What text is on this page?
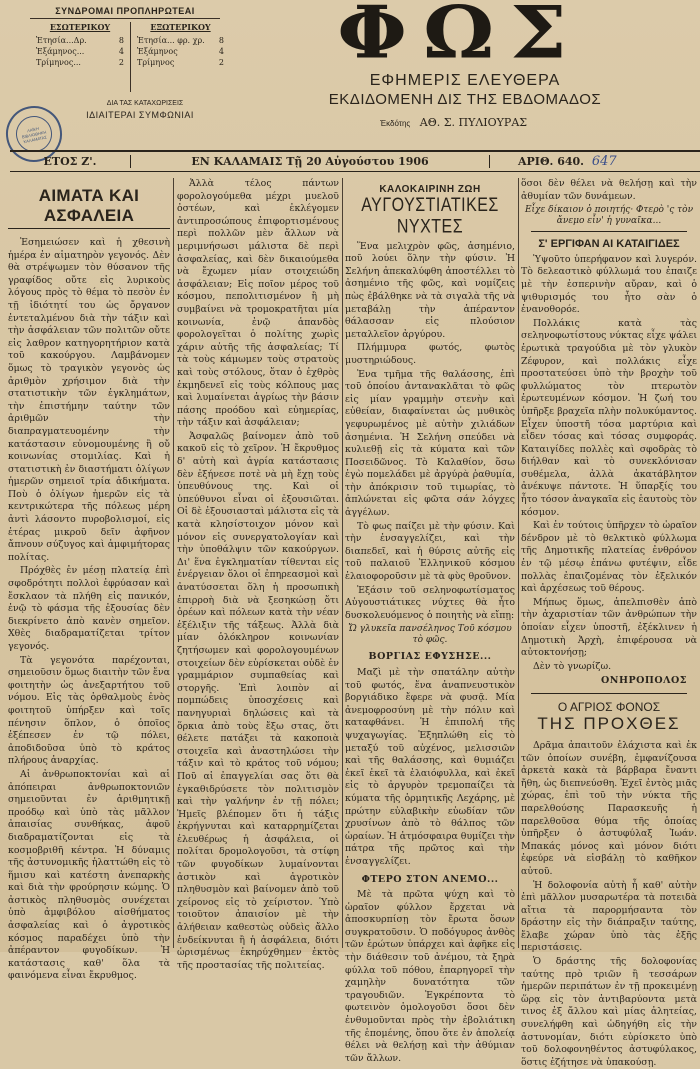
ΣΥΝΔΡΟΜΑΙ ΠΡΟΠΛΗΡΩΤΕΑΙ
ΕΣΩΤΕΡΙΚΟΥ
Ἐτησία...Δρ.	8
Ἑξάμηνος...	4
Τρίμηνος...	2
ΕΞΩΤΕΡΙΚΟΥ
Ἐτησία... φρ. χρ. 8
Ἑξάμηνος	4
Τρίμηνος	2
ΔΙΑ ΤΑΣ ΚΑΤΑΧΩΡΙΣΕΙΣ
ΙΔΙΑΙΤΕΡΑΙ ΣΥΜΦΩΝΙΑΙ
ΦΩΣ
ΕΦΗΜΕΡΙΣ ΕΛΕΥΘΕΡΑ
ΕΚΔΙΔΟΜΕΝΗ ΔΙΣ ΤΗΣ ΕΒΔΟΜΑΔΟΣ
Ἐκδότης ΑΘ. Σ. ΠΥΛΙΟΥΡΑΣ
ΛΑΪΚΗ ΒΙΒΛΙΟΘΗΚΗ ΚΑΛΑΜΑΤΑΣ
ΕΤΟΣ Z'.	ΕΝ ΚΑΛΑΜΑΙΣ Τῇ 20 Αὐγούστου 1906	ΑΡΙΘ. 640. 647
ΑΙΜΑΤΑ ΚΑΙ ΑΣΦΑΛΕΙΑ

Ἐσημειώσεν καὶ ἡ χθεσινὴ ἡμέρα ἐν αἱματηρὸν γεγονός. Δὲν θὰ στρέψωμεν τὸν θύσανον τῆς γραφίδος οὔτε εἰς λυρικοὺς λόγους πρὸς τὸ θέμα τὸ πεσὸν ἐν τῇ ἰδιότητί του ὡς ὄργανον ἐντεταλμένου διὰ τὴν τάξιν καὶ τὴν ἀσφάλειαν τῶν πολιτῶν οὔτε εἰς λαθρον κατηγορητήριον κατὰ τοῦ κακούργου. Λαμβάνομεν ὅμως τὸ τραγικὸν γεγονὸς ὡς ἀριθμὸν χρήσιμον διὰ τὴν στατιστικὴν τῶν ἐγκλημάτων, τὴν ἐπιστήμην ταύτην τῶν ἀριθμῶν τὴν διαπραγματευομένην τὴν κατάστασιν εὐνομουμένης ἢ οὔ κοινωνίας στομιλίας. Καὶ ἡ στατιστικὴ ἐν διαστήματι ὀλίγων ἡμερῶν σημειοῖ τρία ἀδικήματα. Ποὺ ὁ ὀλίγων ἡμερῶν εἰς τὰ κεντρικώτερα τῆς πόλεως μέρη ἀντὶ λάσοντο πυροβολισμοί, εἰς ἐτέρας μικροῦ δεῖν ἀφῆνον ἄπνουν σύζυγος καὶ ἀμφιμήτορας πολίτας.

Πρόχθὲς ἐν μέσῃ πλατείᾳ ἐπὶ σφοδρότητι πολλοὶ ἐφρύασαν καὶ ἔσκλαον τὰ πλήθη εἰς πανικόν, ἐνῷ τὸ φάσμα τῆς ἐξουσίας δὲν διεκρίνετο ἀπὸ κανὲν σημεῖον. Χθὲς διαδραματίζεται τρίτον γεγονός.

Τὰ γεγονότα παρέχονται, σημειοῦσιν ὅμως διαιτὴν τῶν ἔνα φοιτητὴν ὡς ἀνεξαρτήτου τοῦ νόμου. Εἰς τὰς ὁρθαλμοὺς ἐνὸς φοιτητοῦ ὑπήρξεν καὶ τοῖς πένησιν ὅπλον, ὁ ὁποῖος ἐξέπεσεν ἐν τῷ πόλει, ἀποδιδοῦσα ὑπὸ τὸ κράτος πλήρους ἀναρχίας.

Αἱ ἀνθρωποκτονίαι καὶ αἱ ἀπόπειραι ἀνθρωποκτονιῶν σημειοῦνται ἐν ἀριθμητικῇ προόδῳ καὶ ὑπὸ τὰς μᾶλλον ἀπαισίας συνθήκας, ἀφοῦ διαδραματίζονται εἰς τὰ κοσμοβριθῆ κέντρα. Ἡ δύναμις τῆς ἀστυνομικῆς ἡλαττώθη εἰς τὸ ἥμισυ καὶ κατέστη ἀνεπαρκὴς καὶ διὰ τὴν φρούρησιν κώμης. Ὁ ἀστικὸς πληθυσμὸς συνέχεται ὑπὸ ἀμφιβόλου αἰσθήματος ἀσφαλείας καὶ ὁ ἀγροτικὸς κόσμος παραδέχει ὑπὸ τὴν ἀπέραντον φυγοδίκων. Ἡ κατάστασις καθ' ὅλα τὰ φαινόμενα εἶναι ἔκρυθμος.

Ἀλλὰ τέλος πάντων φορολογούμεθα μέχρι μυελοῦ ὀστέων, καὶ ἐκλέγομεν ἀντιπροσώπους ἐπιφορτισμένους περὶ πολλῶν μὲν ἄλλων νὰ μεριμνήσωσι μάλιστα δὲ περὶ ἀσφαλείας, καὶ δὲν δικαιούμεθα νὰ ἔχωμεν μίαν στοιχειώδη ἀσφάλειαν; Εἰς ποῖον μέρος τοῦ κόσμου, πεπολιτισμένον ἢ μὴ συμβαίνει νὰ τρομοκρατῆται μία κοινωνία, ἐνῷ ἁπανδὸς φορολογεῖται ὁ πολίτης χωρὶς χάριν αὐτῆς τῆς ἀσφαλείας; Τί τὰ τοὺς κάμωμεν τοὺς στρατοὺς καὶ τοὺς στόλους, ὅταν ὁ ἐχθρὸς ἐκμηδενεῖ εἰς τοὺς κόλπους μας καὶ λυμαίνεται ἀγρίως τὴν βάσιν πάσης προόδου καὶ εὐημερίας, τὴν τάξιν καὶ ἀσφάλειαν;

Ἀσφαλῶς βαίνομεν ἀπὸ τοῦ κακοῦ εἰς τὸ χεῖρον. Ἡ ἔκρυθμος δ' αὐτὴ καὶ ἀγρία κατάστασις δὲν ἐξήνεσε ποτὲ νὰ μὴ ἔχῃ τοὺς ὑπευθύνους της. Καὶ οἱ ὑπεύθυνοι εἶναι οἱ ἐξουσιῶται. Οἱ δὲ ἐξουσιασταὶ μάλιστα εἰς τὰ κατὰ κλησίστοιχον μόνον καὶ μόνον εἰς συνεργατολογίαν καὶ τὴν ὑποθάλψιν τῶν κακούργων. Δι' ἕνα ἐγκληματίαν τίθενται εἰς ἐνέργειαν ὅλοι οἱ ἐπηρεασμοὶ καὶ ἀνατύσσεται ὅλη ἡ προσωπικὴ ἐπιρροὴ διὰ νὰ ξεσηκώσῃ ὅτι ὀρέων καὶ πόλεων κατὰ τὴν νέαν ἐξέλιξιν τῆς τάξεως. Ἀλλὰ διὰ μίαν ὁλόκληρον κοινωνίαν ζητήσωμεν καὶ φορολογουμένων στοιχείων δὲν εὑρίσκεται οὐδὲ ἐν γραμμάριον συμπαθείας καὶ στοργῆς. Ἐπὶ λοιπὸν αἱ πομπώδεις ὑποσχέσεις καὶ πανηγυριαὶ δηλώσεις καὶ τὰ ὅρκια ἀπὸ τοὺς ἔξω στας, ὅτι θέλετε πατάξει τὰ κακοποιὰ στοιχεῖα καὶ ἀναστηλώσει τὴν τάξιν καὶ τὸ κράτος τοῦ νόμου; Ποῦ αἱ ἐπαγγελίαι σας ὅτι θὰ ἐγκαθιδρύσετε τὸν πολιτισμὸν καὶ τὴν γαλήνην ἐν τῇ πόλει; Ἡμεῖς βλέπομεν ὅτι ἡ τάξις ἐκρήγνυται καὶ καταρρημίζεται ἐλευθέρως ἡ ἀσφάλεια, οἱ πολίται δρομολογοῦσι, τὰ στίφη τῶν φυγοδίκων λυμαίνονται ἀστικὸν καὶ ἀγροτικὸν πληθυσμὸν καὶ βαίνομεν ἀπὸ τοῦ χείρονος εἰς τὸ χείριστον. Ὑπὸ τοιοῦτον ἀπαισίον μὲ τὴν ἀλήθειαν καθεστὼς οὐδεὶς ἄλλο ἐνδείκνυται ἢ ἡ ἀσφάλεια, διότι ὡρισμένως ἐκηρύχθημεν ἐκτὸς τῆς προστασίας τῆς πολιτείας.

ΚΑΛΟΚΑΙΡΙΝΗ ΖΩΗ
ΑΥΓΟΥΣΤΙΑΤΙΚΕΣ ΝΥΧΤΕΣ

Ἕνα μελιχρὸν φῶς, ἀσημένιο, ποῦ λούει ὅλην τὴν φύσιν. Ἡ Σελήνη ἀπεκαλύφθη ἀποστέλλει τὸ ἀσημένιο τῆς φῶς, καὶ νομίζεις πὼς ἐβάλθηκε νὰ τὰ σιγαλὰ τῆς νὰ μεταβάλῃ τὴν ἀπέραντον θάλασσαν εἰς πλούσιον μεταλλεῖον ἀργύρου.

Πλήμμυρα φωτός, φωτὸς μυστηριώδους.

Ἐνα τμῆμα τῆς θαλάσσης, ἐπὶ τοῦ ὁποίου ἀντανακλᾶται τὸ φῶς εἰς μίαν γραμμὴν στενὴν καὶ εὐθείαν, διαφαίνεται ὡς μυθικὸς γεφυρωμένος μὲ αὐτὴν χιλιάδων ἀσημένια. Ἡ Σελήνη σπεύδει νὰ κυλιεθῇ εἰς τὰ κύματα καὶ τῶν Ποσειδῶνος. Τὸ Καλαθίον, ὅσω ἐγὼ πομελάδει μὲ ἀργύρὰ ῥαθυμία, τὴν ἀπόκρισιν τοῦ τιμωρίας, τὸ ἀπλώνεται εἰς φῶτα σάν λόγχες ἀγγέλων.

Τὸ φως παίζει μὲ τὴν φύσιν. Καὶ τὴν ἐνσαγγελίζει, καὶ τὴν διαπεδεῖ, καὶ ἡ θύρσις αὐτῆς εἰς τοῦ παλαιοῦ Ἐλληνικοῦ κόσμου ἐλαιοφοροῦσιν μὲ τὰ φὺς θροῦνον.

Ἐξάσιν τοῦ σεληνοφωτίσματος Αὐγουστιάτικες νύχτες θὰ ἦτο δυσκολευόμενος ὁ ποιητὴς νὰ εἴπῃ:

Ὤ γλυκεῖα πανσέληνος Τοῦ κόσμου τὸ φῶς.
ΒΟΡΓΙΑΣ ΕΦΥΣΗΣΕ...

Μαζὶ μὲ τὴν σπατάλην αὐτὴν τοῦ φωτός, ἕνα ἀναπνευστικὸν βοργιάδικο ἔφερε νὰ φυσᾷ. Μία ἀνεμοφροσύνη μὲ τὴν πόλιν καὶ καταφθάνει. Ἡ ἐπιπολή τῆς ψυχαγωγίας. Ἐξηπλώθη εἰς τὸ μεταξύ τοῦ αὐχένος, μελισσιῶν καὶ τῆς θαλάσσης, καὶ θυμιάζει ἐκεῖ ἐκεῖ τὰ ἐλαιόφυλλα, καὶ ἐκεῖ εἰς τὸ ἀργυρὸν τρεμοπαίζει τὰ κύματα τῆς ὁρμητικῆς Λεχάρης, μὲ πρώτην εὐλαβικὴν εὐωδίαν τῶν χρυσίνων ἀπὸ τὸ θάλπος τῶν ὡραίων. Ἡ ἀτμόσφαιρα θυμίζει τὴν πάτρα τῆς πρῶτος καὶ τὴν ἐνσαγγελίζει.

ΦΤΕΡΟ ΣΤΟΝ ΑΝΕΜΟ...

Μὲ τὰ πρῶτα ψύχη καὶ τὸ ὡραῖον φύλλον ἔρχεται νὰ ἀποσκυρπίσῃ τὸν ἔρωτα ὅσων συγκρατοῦσιν. Ὁ ποδόγυρος ἀνθὸς τῶν ἐρώτων ὑπάρχει καὶ ἀφῆκε εἰς τὴν διάθεσιν τοῦ ἀνέμου, τὰ ξηρὰ φύλλα τοῦ πόθου, ἐπαρηγορεῖ τὴν χαμηλὴν δυνατότητα τῶν τραγουδιῶν. Ἐγκρέποντα τὸ φωτεινὸν ὁμολογοῦσι ὅσοι δὲν ἐνθυμοῦνται πρὸς τὴν ἐβολιάτικη τῆς ἑπομένης, ὅπου ὅτε ἐν ἀπολείᾳ θέλει νὰ θελήσῃ καὶ τὴν ἀθύμιαν τῶν ἄλλων.

ὅσοι δὲν θέλει νὰ θελήσῃ καὶ τὴν ἀθυμίαν τῶν δυνάμεων.

Εἶχε δίκαιον ὁ ποιητής· Φτερὸ 'ς τὸν ἄνεμο εἶν' ἡ γυναῖκα...
Σ' ΕΡΓΙΦΑΝ ΑΙ ΚΑΤΑΙΓΙΔΕΣ

Ὑψοῦτο ὑπερήφανον καὶ λυγερόν. Τὸ δελεαστικὸ φύλλωμά του ἐπαιζε μὲ τὴν ἐσπερινὴν αὔραν, καὶ ὁ ψιθυρισμός του ἦτο σὰν ὁ ἐνανοθορόε.

Πολλάκις κατὰ τὰς σεληνοφωτίστους νύκτας εἶχε ψάλει ἐρωτικὰ τραγούδια μὲ τὸν γλυκὸν Ζέφυρον, καὶ πολλάκις εἶχε προστατεύσει ὑπὸ τὴν βροχὴν τοῦ φυλλώματος τὸν πτερωτὸν ἐρωτευμένων κόσμον. Ἡ ζωή του ὑπῆρξε βραχεῖα πλὴν πολυκύμαντος. Εἶχεν ὑποστῆ τόσα μαρτύρια καὶ εἶδεν τόσας καὶ τόσας συμφοράς. Καταιγίδες πολλὲς καὶ σφοδρὰς τὸ διήλθαν καὶ τὸ συνεκλόνισαν συθέμελα, ἀλλὰ ἀκατάβλητον ἀνέκυψε πάντοτε. Ἡ ὕπαρξίς του ἦτο τόσον ἀναγκαῖα εἰς ἑαυτοὺς τὸν κόσμον.

Καὶ ἐν τούτοις ὑπῆρχεν τὸ ὡραῖον δένδρον μὲ τὸ θελκτικὸ φύλλωμα τῆς Δημοτικῆς πλατείας ἐνθρόνον ἐν τῷ μέσῳ ἐπάνω φυτέψιν, εἶδε πολλὰς ἐπαιζομένας τὸν ἐξελικόν καὶ ἀρχέσεως τοῦ θέρους.

Μήπως ὅμως, ἀπελπισθὲν ἀπὸ τὴν ἀχαριστίαν τῶν ἀνθρώπων τὴν ὁποίαν εἶχεν ὑποστῆ, ἐξέκλινεν ἡ Δημοτικὴ Ἀρχὴ, ἐπιφέρουσα νὰ αὐτοκτονήσῃ;

Δὲν τὸ γνωρίζω.

ΟΝΗΡΟΠΟΛΟΣ
Ο ΑΓΡΙΟΣ ΦΟΝΟΣ
ΤΗΣ ΠΡΟΧΘΕΣ

Δρᾶμα ἀπαιτοῦν ἐλάχιστα καὶ ἐκ τῶν ὁποίων συνέβη, ἐμφανίζουσα ἀρκετὰ κακὰ τὰ βάρβαρα ἔναντι ἤθη, ὡς διεπνεύσθη. Ἐχεῖ ἐντὸς μιᾶς χώρας, ἐπὶ τοῦ τὴν νύκτα τῆς παρελθούσης Παρασκευῆς ἡ παρελθοῦσα θύμα τῆς ὁποίας ὑπῆρξεν ὁ ἀστυφύλαξ Ἰωάν. Μπακάς μόνος καὶ μόνον διότι ἐφεύρε νὰ εἰσβάλῃ τὸ καθῆκον αὐτοῦ.

Ἡ δολοφονία αὐτὴ ἦ καθ' αὐτὴν ἐπὶ μᾶλλον μυσαρωτέρα τὰ ποτειδὰ αἴτια τὰ παρορμήσαντα τὸν δράστην εἰς τὴν διάπραξιν ταύτης, ἔλαβε χώραν ὑπὸ τὰς ἑξῆς περιστάσεις.

Ὁ δράστης τῆς δολοφονίας ταύτης πρὸ τριῶν ἢ τεσσάρων ἡμερῶν περιπάτων ἐν τῇ προκειμένῃ ὥρᾳ εἰς τὸν ἀντιβαρύοντα μετὰ τινος ἐξ ἄλλου καὶ μίας ἀλητείας, συνελήφθη καὶ ὡδηγήθη εἰς τὴν ἀστυνομίαν, διότι εὑρίσκετο ὑπὸ τοῦ δολοφονηθέντος ἀστυφύλακος, ὅστις ἐζήτησε νὰ ὑπακούσῃ.
